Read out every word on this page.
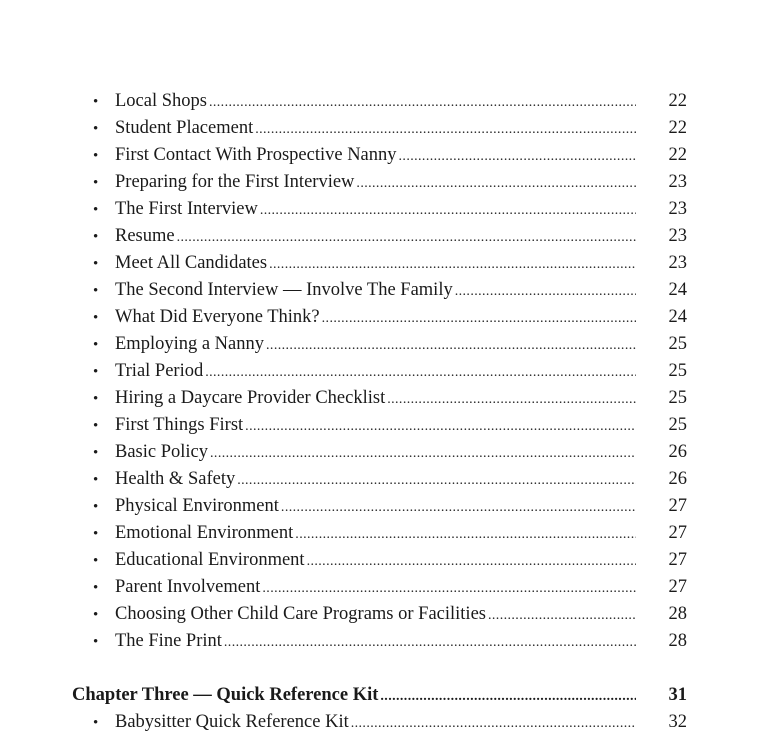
• Local Shops .....	22
• Student Placement .....	22
• First Contact With Prospective Nanny .....	22
• Preparing for the First Interview .....	23
• The First Interview .....	23
• Resume .....	23
• Meet All Candidates .....	23
• The Second Interview — Involve The Family .....	24
• What Did Everyone Think? .....	24
• Employing a Nanny .....	25
• Trial Period .....	25
• Hiring a Daycare Provider Checklist .....	25
• First Things First .....	25
• Basic Policy .....	26
• Health & Safety .....	26
• Physical Environment .....	27
• Emotional Environment .....	27
• Educational Environment .....	27
• Parent Involvement .....	27
• Choosing Other Child Care Programs or Facilities .....	28
• The Fine Print .....	28
Chapter Three — Quick Reference Kit .....	31
• Babysitter Quick Reference Kit .....	32
